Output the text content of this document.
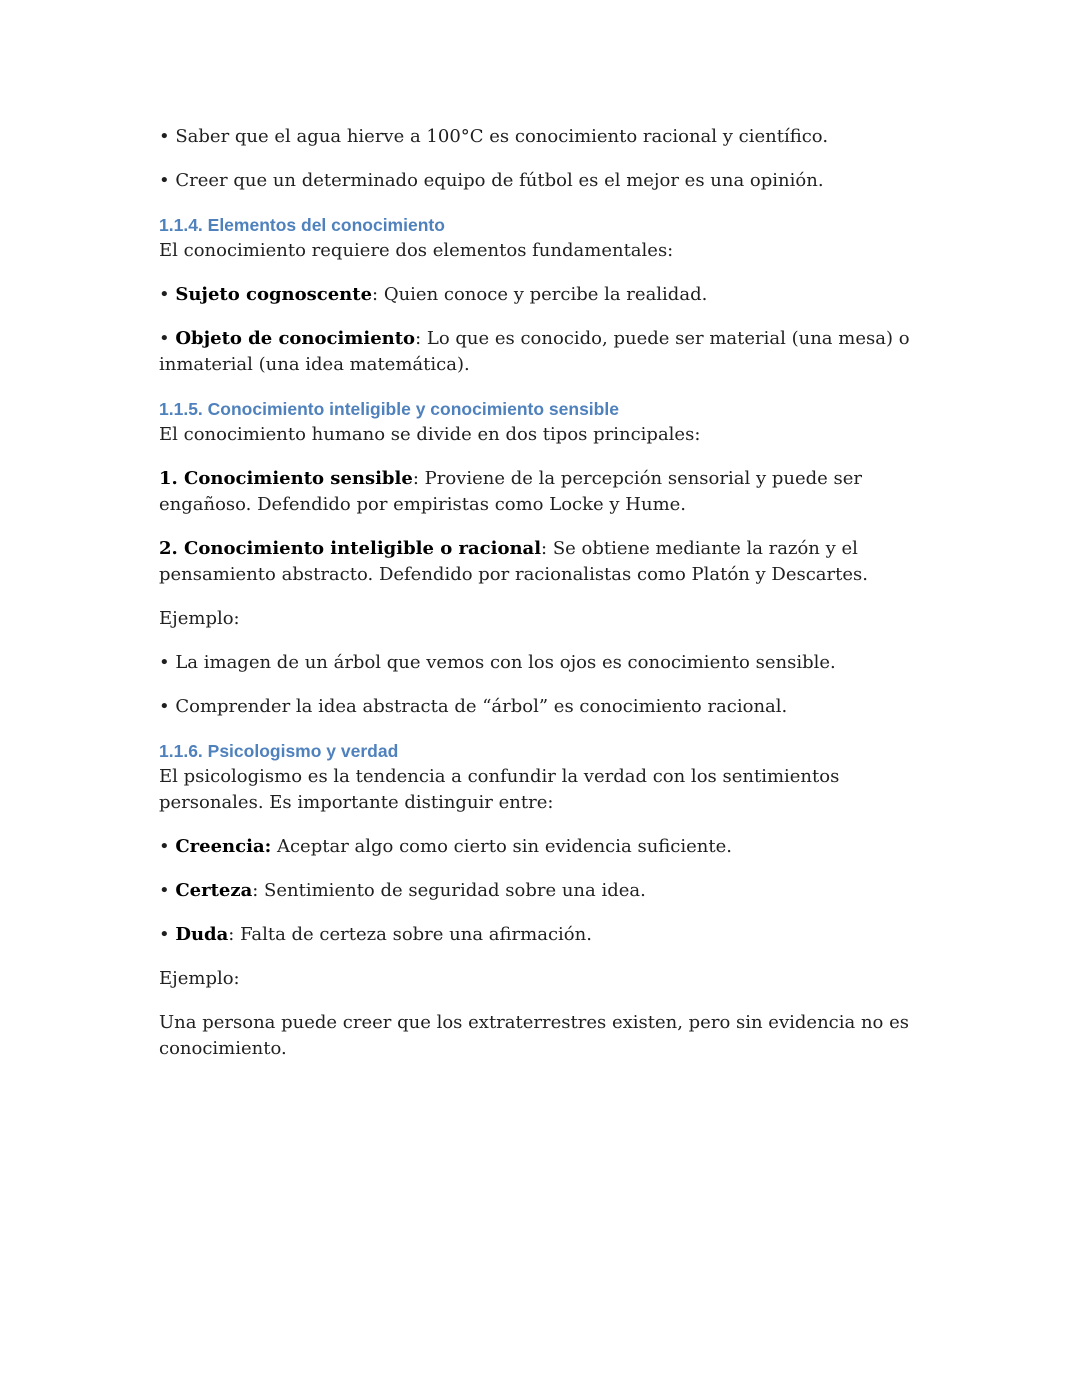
• Saber que el agua hierve a 100°C es conocimiento racional y científico.

• Creer que un determinado equipo de fútbol es el mejor es una opinión.

1.1.4. Elementos del conocimiento

El conocimiento requiere dos elementos fundamentales:

• Sujeto cognoscente: Quien conoce y percibe la realidad.

• Objeto de conocimiento: Lo que es conocido, puede ser material (una mesa) o inmaterial (una idea matemática).

1.1.5. Conocimiento inteligible y conocimiento sensible

El conocimiento humano se divide en dos tipos principales:

1. Conocimiento sensible: Proviene de la percepción sensorial y puede ser engañoso. Defendido por empiristas como Locke y Hume.

2. Conocimiento inteligible o racional: Se obtiene mediante la razón y el pensamiento abstracto. Defendido por racionalistas como Platón y Descartes.

Ejemplo:

• La imagen de un árbol que vemos con los ojos es conocimiento sensible.

• Comprender la idea abstracta de “árbol” es conocimiento racional.

1.1.6. Psicologismo y verdad

El psicologismo es la tendencia a confundir la verdad con los sentimientos personales. Es importante distinguir entre:

• Creencia: Aceptar algo como cierto sin evidencia suficiente.

• Certeza: Sentimiento de seguridad sobre una idea.

• Duda: Falta de certeza sobre una afirmación.

Ejemplo:

Una persona puede creer que los extraterrestres existen, pero sin evidencia no es conocimiento.
